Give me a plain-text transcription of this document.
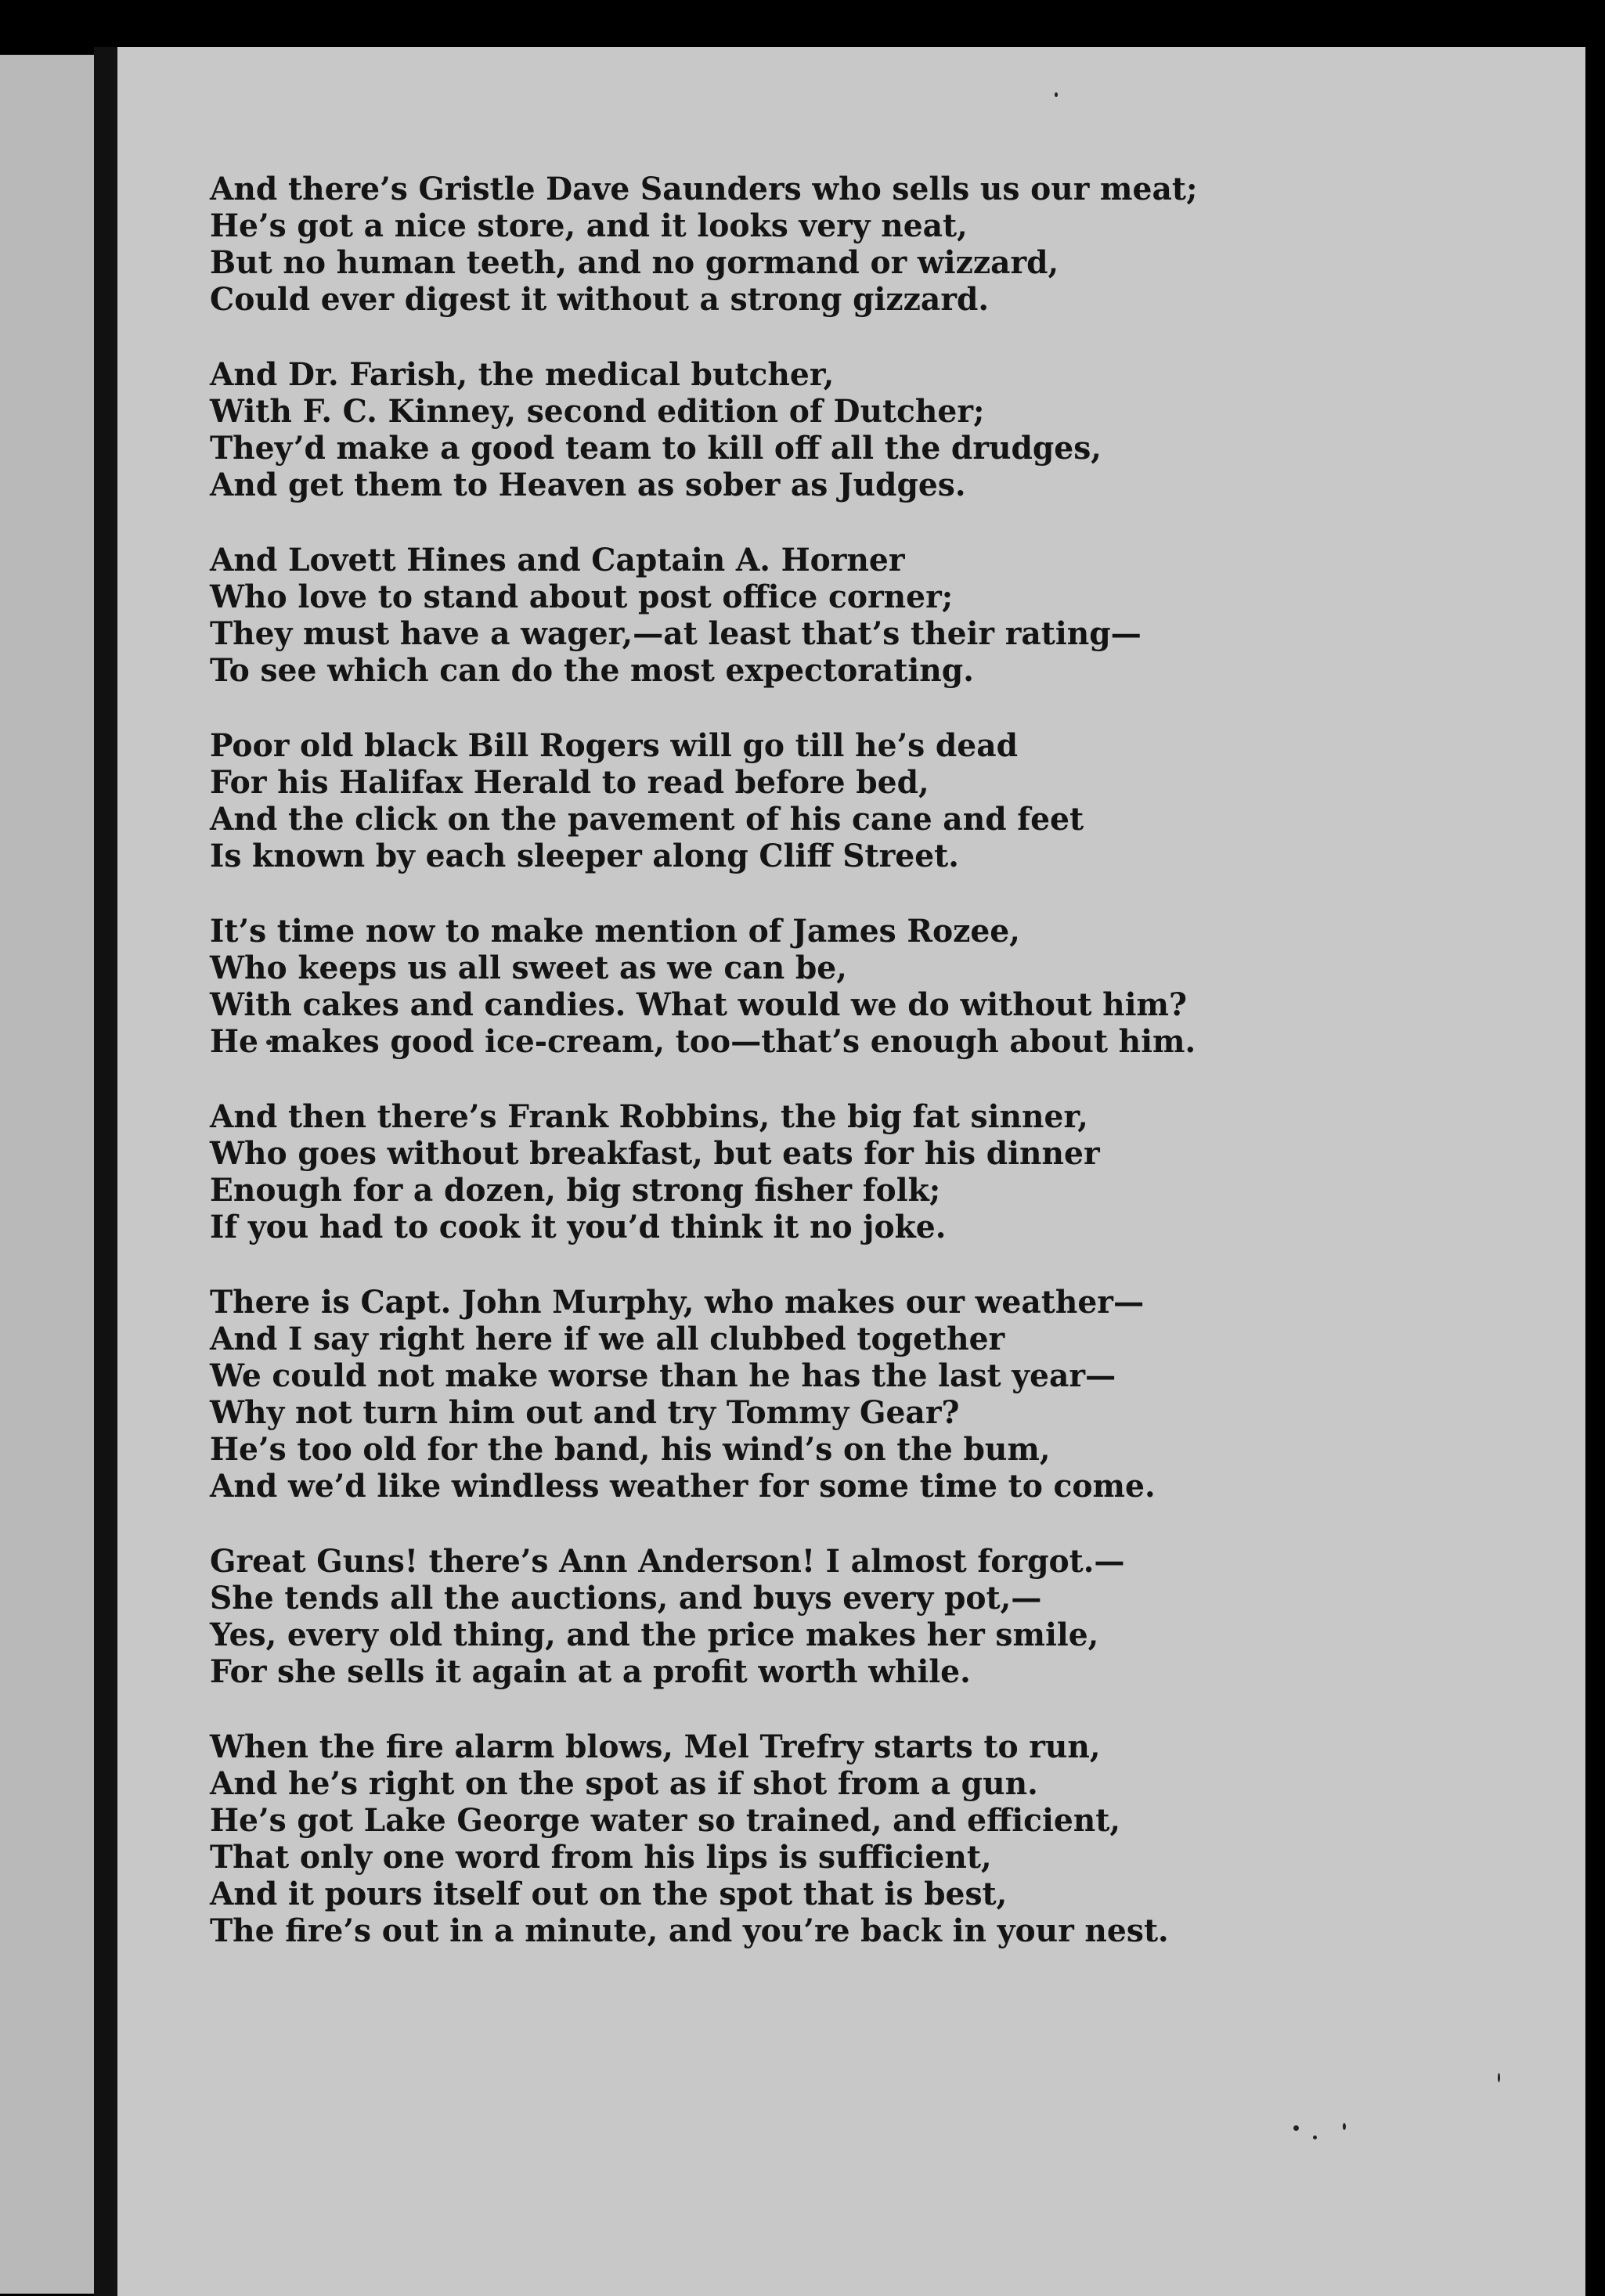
And there’s Gristle Dave Saunders who sells us our meat;
He’s got a nice store, and it looks very neat,
But no human teeth, and no gormand or wizzard,
Could ever digest it without a strong gizzard.
And Dr. Farish, the medical butcher,
With F. C. Kinney, second edition of Dutcher;
They’d make a good team to kill off all the drudges,
And get them to Heaven as sober as Judges.
And Lovett Hines and Captain A. Horner
Who love to stand about post office corner;
They must have a wager,—at least that’s their rating—
To see which can do the most expectorating.
Poor old black Bill Rogers will go till he’s dead
For his Halifax Herald to read before bed,
And the click on the pavement of his cane and feet
Is known by each sleeper along Cliff Street.
It’s time now to make mention of James Rozee,
Who keeps us all sweet as we can be,
With cakes and candies. What would we do without him?
He makes good ice-cream, too—that’s enough about him.
And then there’s Frank Robbins, the big fat sinner,
Who goes without breakfast, but eats for his dinner
Enough for a dozen, big strong fisher folk;
If you had to cook it you’d think it no joke.
There is Capt. John Murphy, who makes our weather—
And I say right here if we all clubbed together
We could not make worse than he has the last year—
Why not turn him out and try Tommy Gear?
He’s too old for the band, his wind’s on the bum,
And we’d like windless weather for some time to come.
Great Guns! there’s Ann Anderson! I almost forgot.—
She tends all the auctions, and buys every pot,—
Yes, every old thing, and the price makes her smile,
For she sells it again at a profit worth while.
When the fire alarm blows, Mel Trefry starts to run,
And he’s right on the spot as if shot from a gun.
He’s got Lake George water so trained, and efficient,
That only one word from his lips is sufficient,
And it pours itself out on the spot that is best,
The fire’s out in a minute, and you’re back in your nest.
